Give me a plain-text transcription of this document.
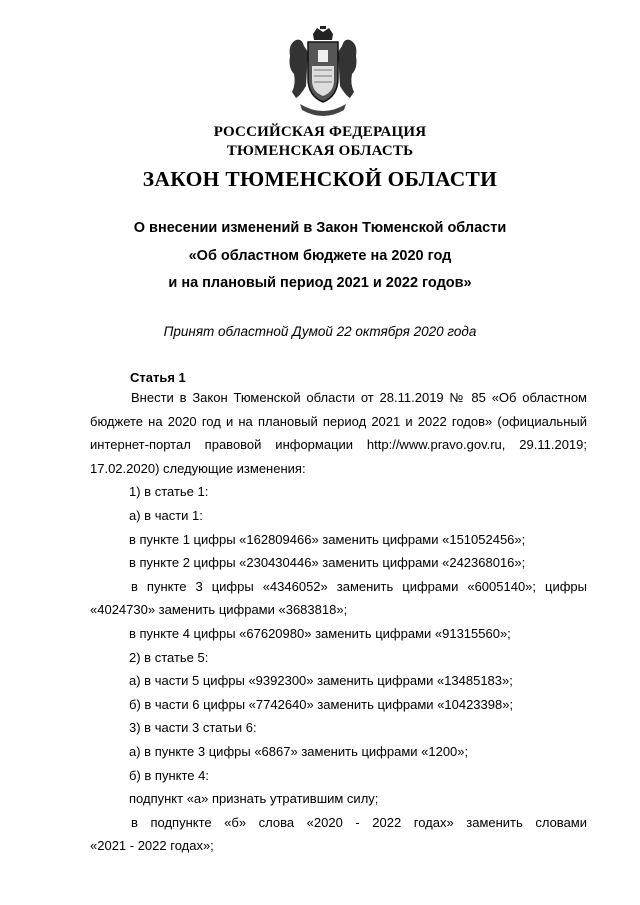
РОССИЙСКАЯ ФЕДЕРАЦИЯ
ТЮМЕНСКАЯ ОБЛАСТЬ
ЗАКОН ТЮМЕНСКОЙ ОБЛАСТИ
О внесении изменений в Закон Тюменской области
«Об областном бюджете на 2020 год
и на плановый период 2021 и 2022 годов»
Принят областной Думой 22 октября 2020 года
Статья 1

Внести в Закон Тюменской области от 28.11.2019 № 85 «Об областном

бюджете на 2020 год и на плановый период 2021 и 2022 годов» (официальный

интернет-портал правовой информации http://www.pravo.gov.ru, 29.11.2019;

17.02.2020) следующие изменения:

1) в статье 1:

а) в части 1:

в пункте 1 цифры «162809466» заменить цифрами «151052456»;

в пункте 2 цифры «230430446» заменить цифрами «242368016»;

в пункте 3 цифры «4346052» заменить цифрами «6005140»; цифры

«4024730» заменить цифрами «3683818»;

в пункте 4 цифры «67620980» заменить цифрами «91315560»;

2) в статье 5:

а) в части 5 цифры «9392300» заменить цифрами «13485183»;

б) в части 6 цифры «7742640» заменить цифрами «10423398»;

3) в части 3 статьи 6:

а) в пункте 3 цифры «6867» заменить цифрами «1200»;

б) в пункте 4:

подпункт «а» признать утратившим силу;

в подпункте «б» слова «2020 - 2022 годах» заменить словами

«2021 - 2022 годах»;
